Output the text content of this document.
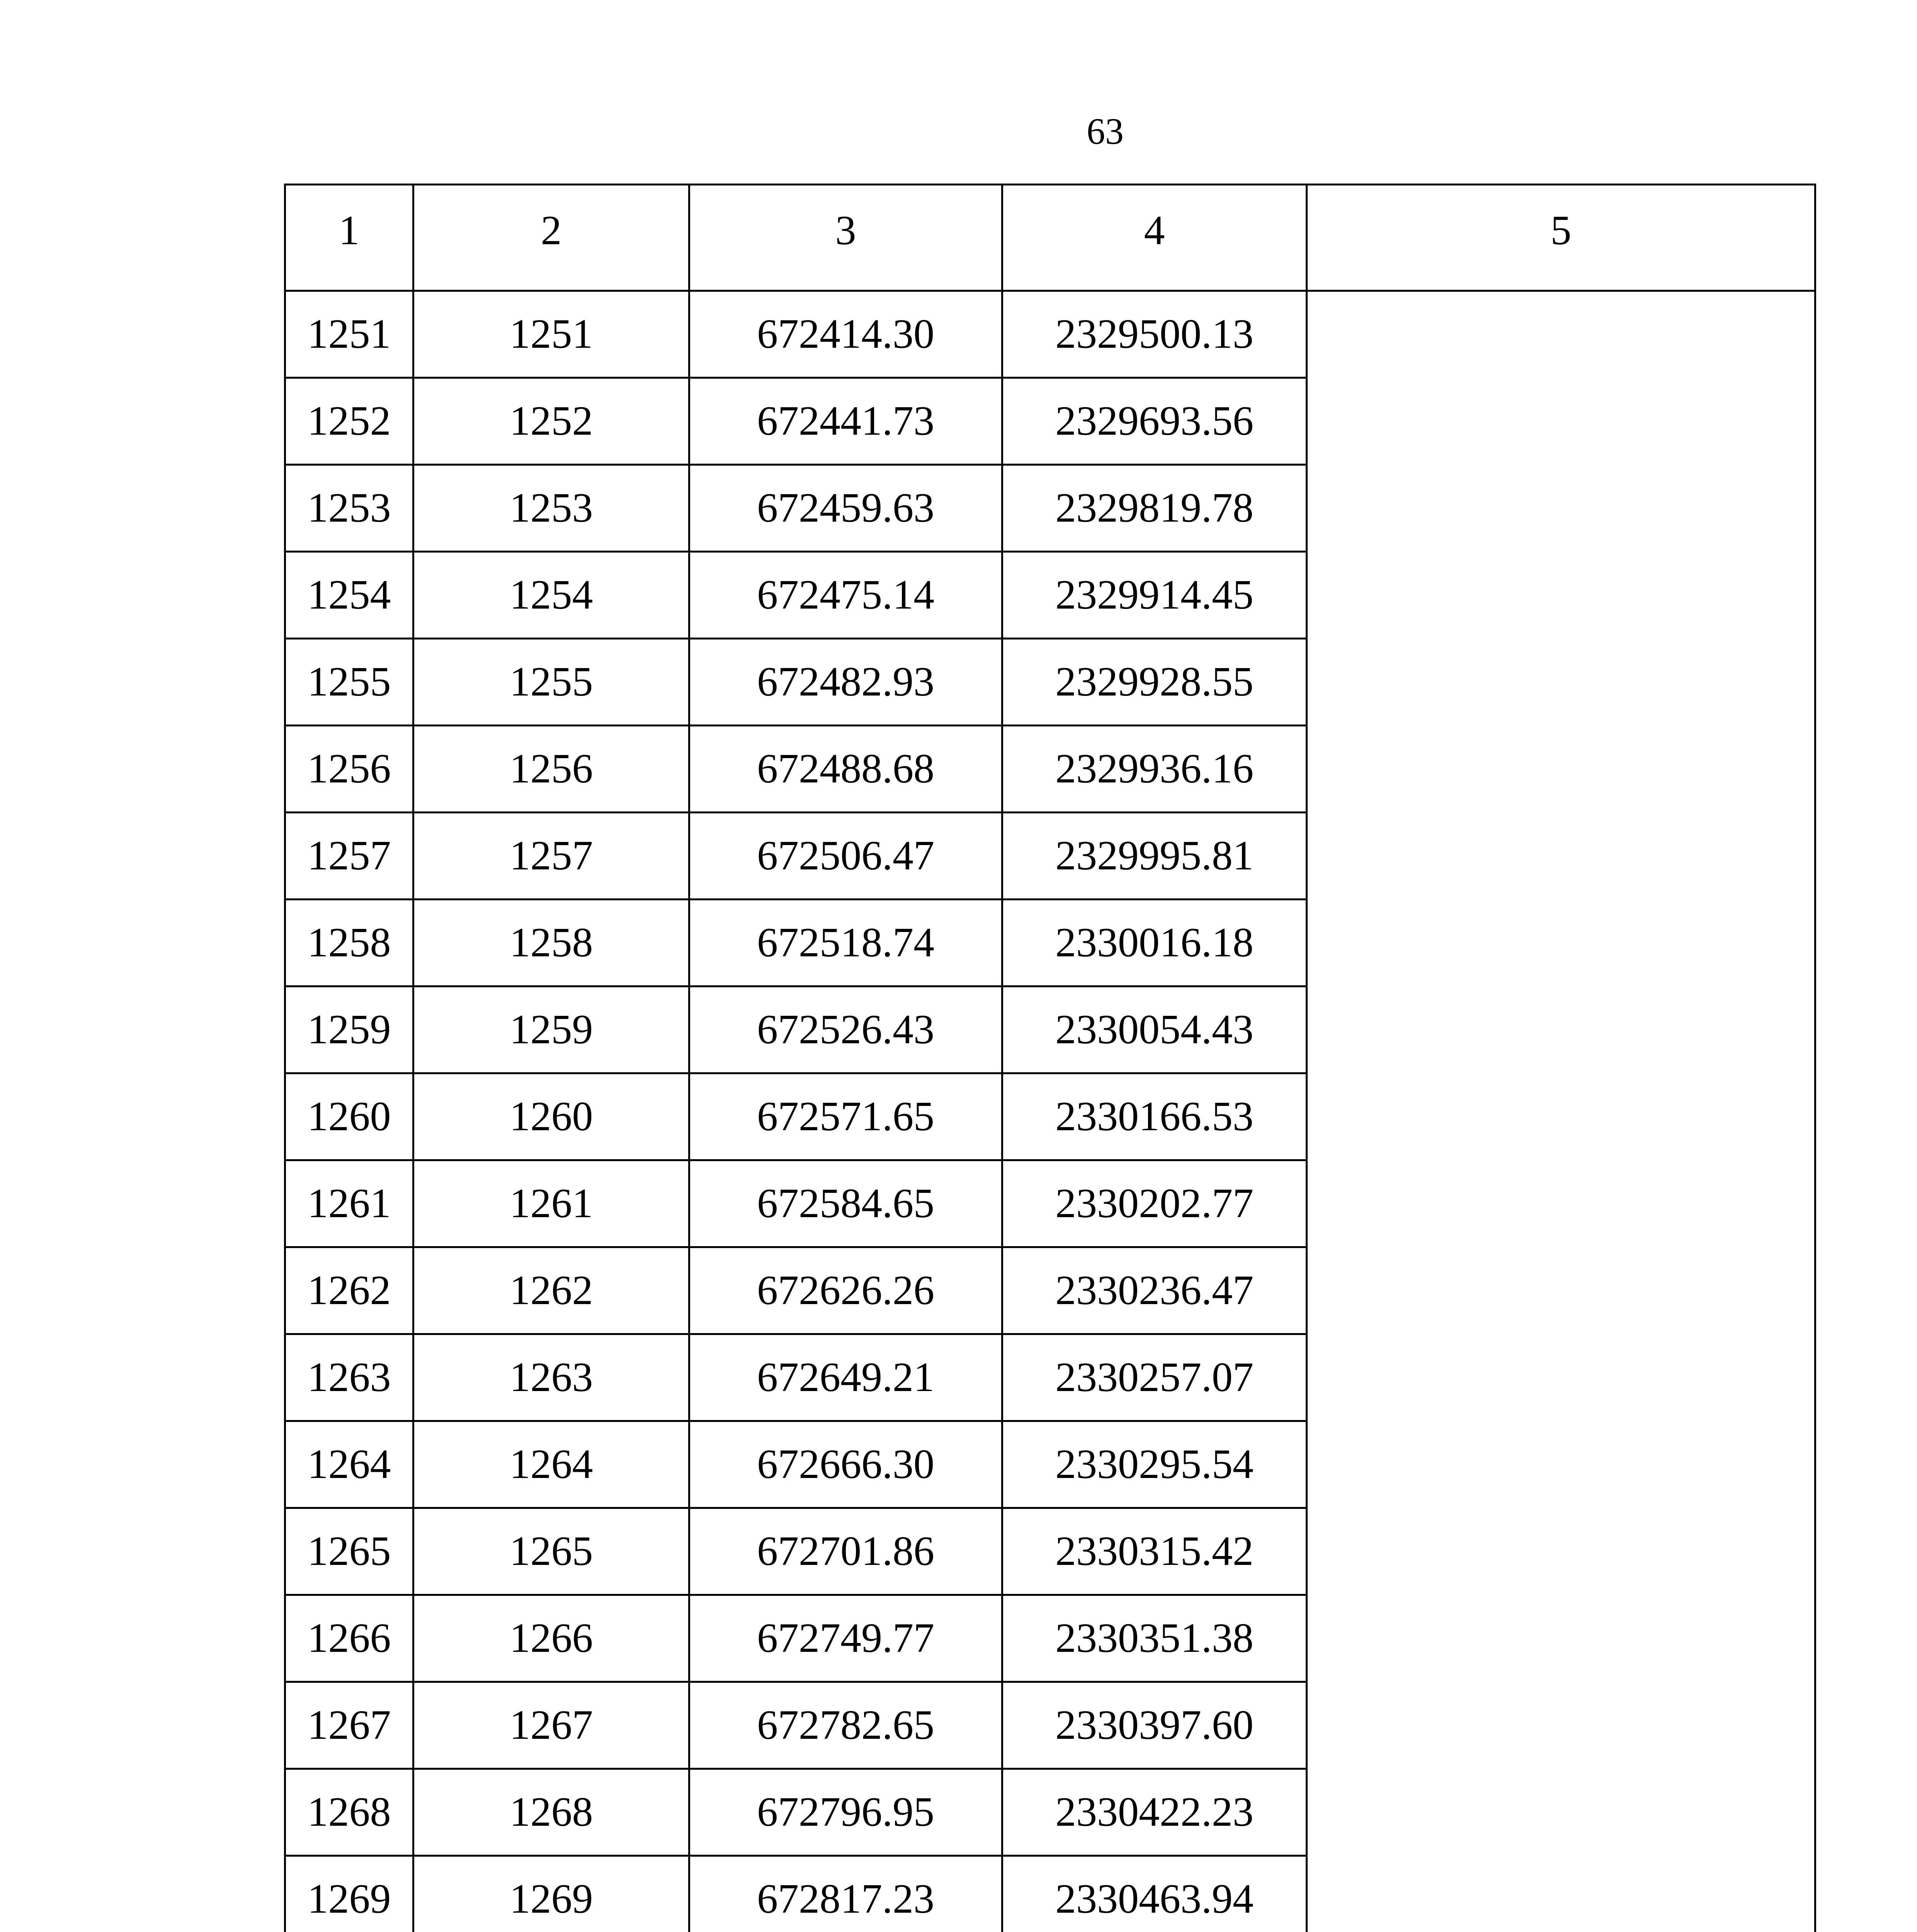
63
1	2	3	4	5
1251	1251	672414.30	2329500.13	
1252	1252	672441.73	2329693.56	
1253	1253	672459.63	2329819.78	
1254	1254	672475.14	2329914.45	
1255	1255	672482.93	2329928.55	
1256	1256	672488.68	2329936.16	
1257	1257	672506.47	2329995.81	
1258	1258	672518.74	2330016.18	
1259	1259	672526.43	2330054.43	
1260	1260	672571.65	2330166.53	
1261	1261	672584.65	2330202.77	
1262	1262	672626.26	2330236.47	
1263	1263	672649.21	2330257.07	
1264	1264	672666.30	2330295.54	
1265	1265	672701.86	2330315.42	
1266	1266	672749.77	2330351.38	
1267	1267	672782.65	2330397.60	
1268	1268	672796.95	2330422.23	
1269	1269	672817.23	2330463.94	
